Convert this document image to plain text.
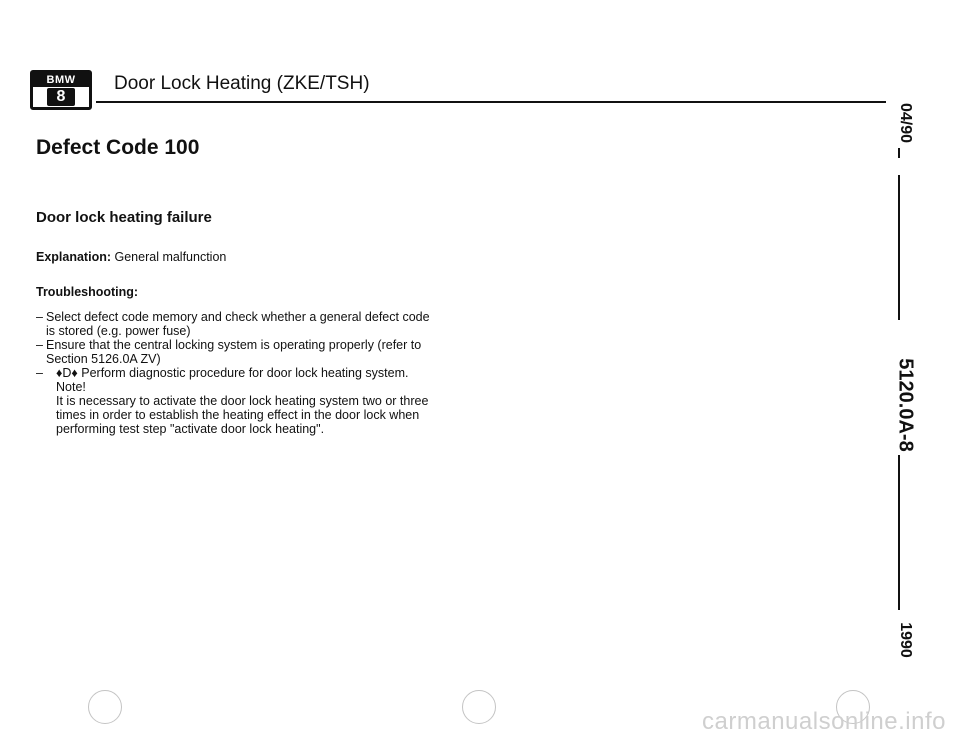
BMW
8
Door Lock Heating (ZKE/TSH)
Defect Code 100
Door lock heating failure
Explanation: General malfunction
Troubleshooting:
– Select defect code memory and check whether a general defect code is stored (e.g. power fuse)
– Ensure that the central locking system is operating properly (refer to Section 5126.0A ZV)
– ♦D♦ Perform diagnostic procedure for door lock heating system. Note!
It is necessary to activate the door lock heating system two or three times in order to establish the heating effect in the door lock when performing test step "activate door lock heating".
04/90
5120.0A-8
1990
carmanualsonline.info
